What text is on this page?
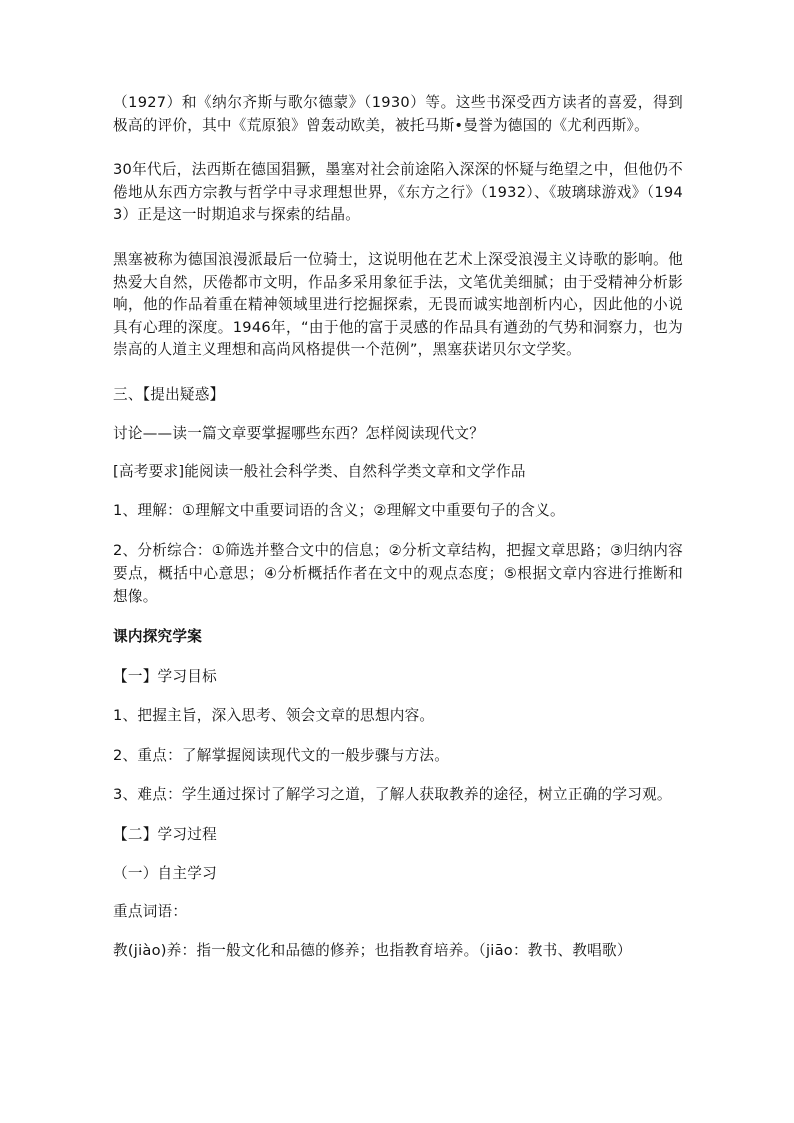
（1927）和《纳尔齐斯与歌尔德蒙》（1930）等。这些书深受西方读者的喜爱，得到极高的评价，其中《荒原狼》曾轰动欧美，被托马斯•曼誉为德国的《尤利西斯》。

30年代后，法西斯在德国猖獗，墨塞对社会前途陷入深深的怀疑与绝望之中，但他仍不倦地从东西方宗教与哲学中寻求理想世界，《东方之行》（1932）、《玻璃球游戏》（1943）正是这一时期追求与探索的结晶。

黑塞被称为德国浪漫派最后一位骑士，这说明他在艺术上深受浪漫主义诗歌的影响。他热爱大自然，厌倦都市文明，作品多采用象征手法，文笔优美细腻；由于受精神分析影响，他的作品着重在精神领域里进行挖掘探索，无畏而诚实地剖析内心，因此他的小说具有心理的深度。1946年，“由于他的富于灵感的作品具有遒劲的气势和洞察力，也为崇高的人道主义理想和高尚风格提供一个范例”，黑塞获诺贝尔文学奖。

三、【提出疑惑】

讨论——读一篇文章要掌握哪些东西？怎样阅读现代文？

[高考要求]能阅读一般社会科学类、自然科学类文章和文学作品

1、理解：①理解文中重要词语的含义；②理解文中重要句子的含义。

2、分析综合：①筛选并整合文中的信息；②分析文章结构，把握文章思路；③归纳内容要点，概括中心意思；④分析概括作者在文中的观点态度；⑤根据文章内容进行推断和想像。

课内探究学案

【一】学习目标

1、把握主旨，深入思考、领会文章的思想内容。

2、重点：了解掌握阅读现代文的一般步骤与方法。

3、难点：学生通过探讨了解学习之道，了解人获取教养的途径，树立正确的学习观。

【二】学习过程

（一）自主学习

重点词语：

教(jiào)养：指一般文化和品德的修养；也指教育培养。（jiāo：教书、教唱歌）
